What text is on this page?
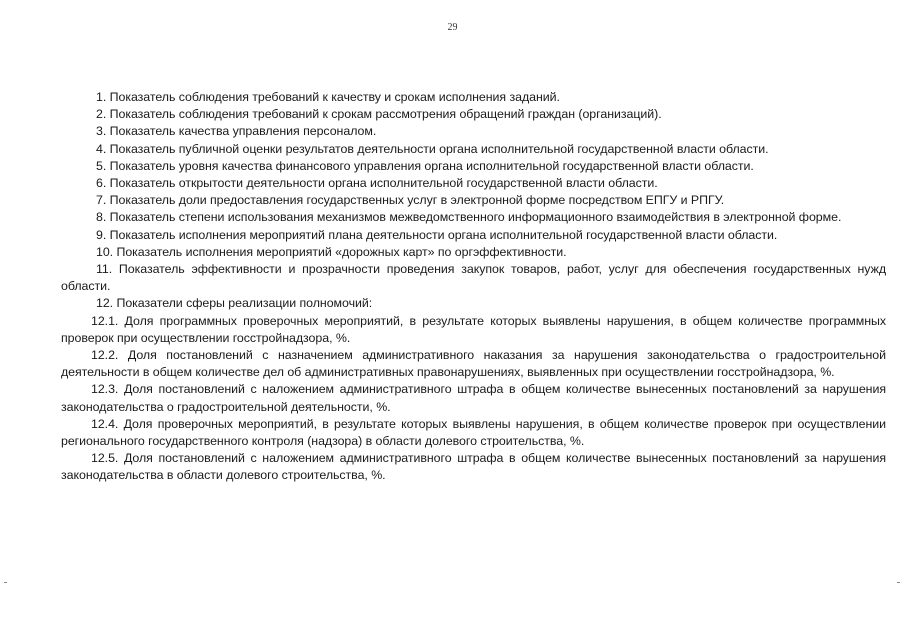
29

1. Показатель соблюдения требований к качеству и срокам исполнения заданий.

2. Показатель соблюдения требований к срокам рассмотрения обращений граждан (организаций).

3. Показатель качества управления персоналом.

4. Показатель публичной оценки результатов деятельности органа исполнительной государственной власти области.

5. Показатель уровня качества финансового управления органа исполнительной государственной власти области.

6. Показатель открытости деятельности органа исполнительной государственной власти области.

7. Показатель доли предоставления государственных услуг в электронной форме посредством ЕПГУ и РПГУ.

8. Показатель степени использования механизмов межведомственного информационного взаимодействия в электронной форме.

9. Показатель исполнения мероприятий плана деятельности органа исполнительной государственной власти области.

10. Показатель исполнения мероприятий «дорожных карт» по оргэффективности.

11. Показатель эффективности и прозрачности проведения закупок товаров, работ, услуг для обеспечения государственных нужд области.

12. Показатели сферы реализации полномочий:

12.1. Доля программных проверочных мероприятий, в результате которых выявлены нарушения, в общем количестве программных проверок при осуществлении госстройнадзора, %.

12.2. Доля постановлений с назначением административного наказания за нарушения законодательства о градостроительной деятельности в общем количестве дел об административных правонарушениях, выявленных при осуществлении госстройнадзора, %.

12.3. Доля постановлений с наложением административного штрафа в общем количестве вынесенных постановлений за нарушения законодательства о градостроительной деятельности, %.

12.4. Доля проверочных мероприятий, в результате которых выявлены нарушения, в общем количестве проверок при осуществлении регионального государственного контроля (надзора) в области долевого строительства, %.

12.5. Доля постановлений с наложением административного штрафа в общем количестве вынесенных постановлений за нарушения законодательства в области долевого строительства, %.
